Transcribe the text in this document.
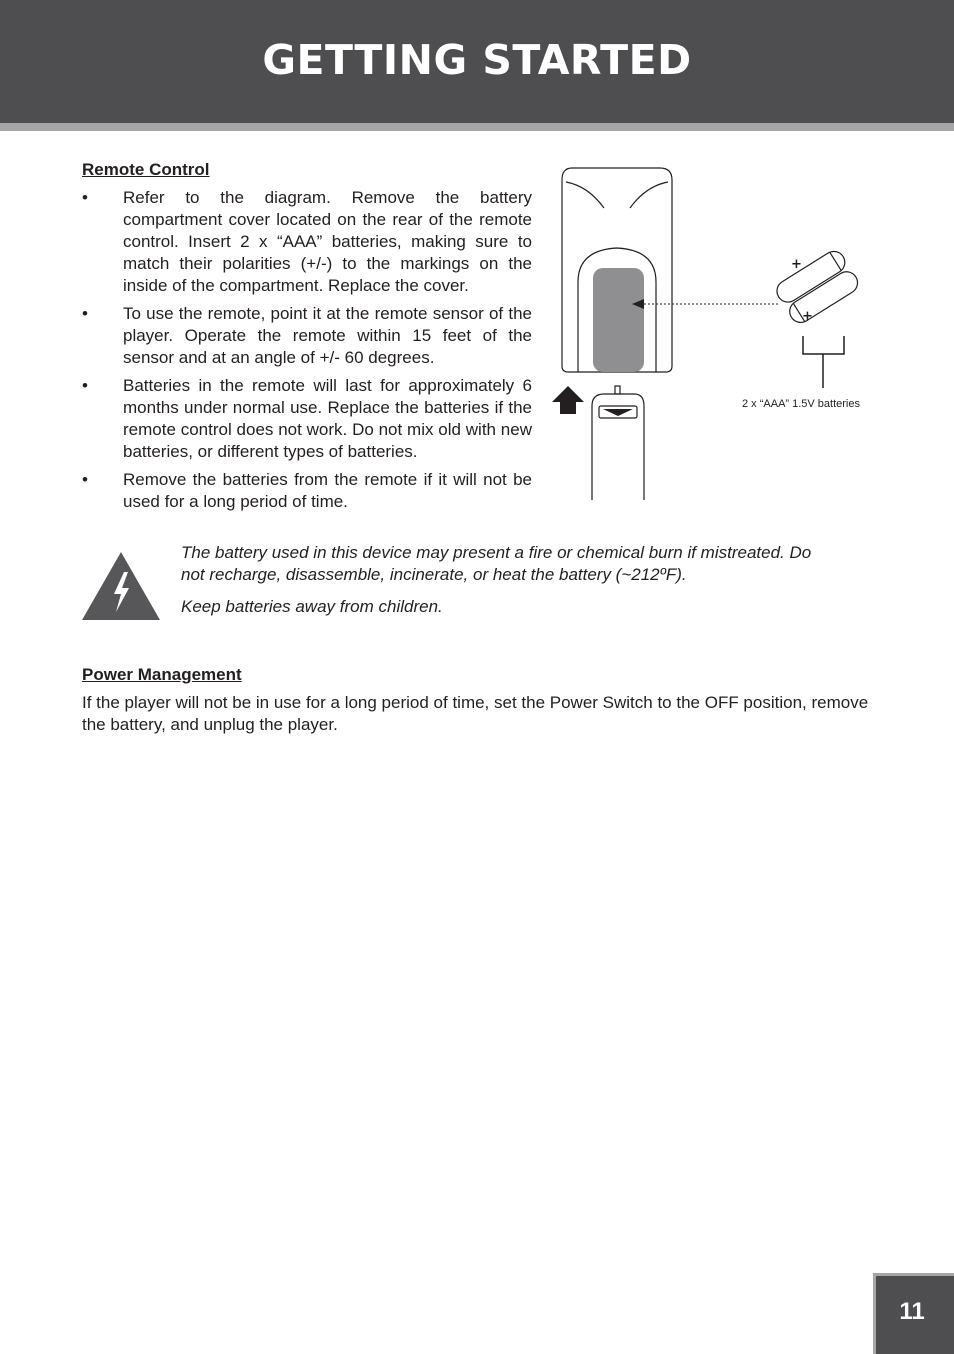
GETTING STARTED
Remote Control
• Refer to the diagram. Remove the battery compartment cover located on the rear of the remote control. Insert 2 x “AAA” batteries, making sure to match their polarities (+/-) to the markings on the inside of the compartment. Replace the cover.
• To use the remote, point it at the remote sensor of the player. Operate the remote within 15 feet of the sensor and at an angle of +/- 60 degrees.
• Batteries in the remote will last for approximately 6 months under normal use. Replace the batteries if the remote control does not work. Do not mix old with new batteries, or different types of batteries.
• Remove the batteries from the remote if it will not be used for a long period of time.
+
+
2 x “AAA” 1.5V batteries

The battery used in this device may present a fire or chemical burn if mistreated. Do not recharge, disassemble, incinerate, or heat the battery (~212ºF).

Keep batteries away from children.

Power Management
If the player will not be in use for a long period of time, set the Power Switch to the OFF position, remove the battery, and unplug the player.
11
